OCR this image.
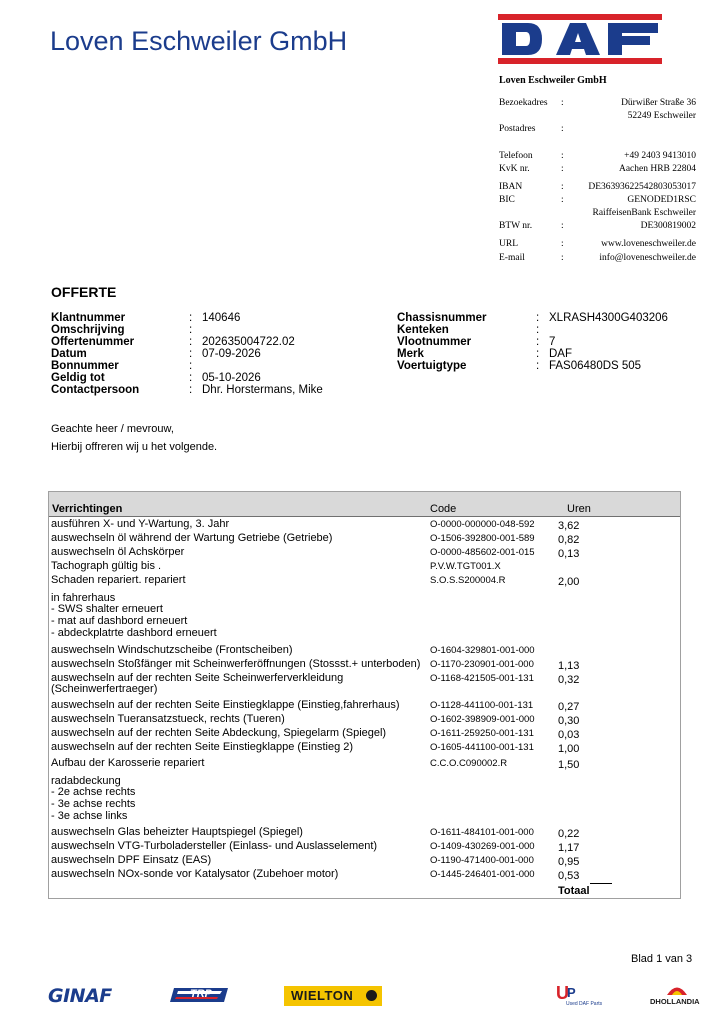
Loven Eschweiler GmbH
Loven Eschweiler GmbH
Bezoekadres :	Dürwißer Straße 36
52249 Eschweiler
Postadres	:
Telefoon	:	+49 2403 9413010
KvK nr.	:	Aachen HRB 22804
IBAN	:	DE36393622542803053017
BIC	:	GENODED1RSC
RaiffeisenBank Eschweiler
BTW nr.	:	DE300819002
URL	:	www.loveneschweiler.de
E-mail	:	info@loveneschweiler.de
OFFERTE
Klantnummer	: 140646
Omschrijving	:
Offertenummer	: 202635004722.02
Datum	: 07-09-2026
Bonnummer	:
Geldig tot	: 05-10-2026
Contactpersoon	: Dhr. Horstermans, Mike
Chassisnummer	: XLRASH4300G403206
Kenteken	:
Vlootnummer	: 7
Merk	: DAF
Voertuigtype	: FAS06480DS 505
Geachte heer / mevrouw,
Hierbij offreren wij u het volgende.
Verrichtingen	Code	Uren
ausführen X- und Y-Wartung, 3. Jahr	O-0000-000000-048-592 3,62
auswechseln öl während der Wartung Getriebe (Getriebe)	O-1506-392800-001-589 0,82
auswechseln öl Achskörper	O-0000-485602-001-015 0,13
Tachograph gültig bis .	P.V.W.TGT001.X
Schaden repariert. repariert	S.O.S.S200004.R	2,00
in fahrerhaus
- SWS shalter erneuert
- mat auf dashbord erneuert
- abdeckplatrte dashbord erneuert
auswechseln Windschutzscheibe (Frontscheiben)	O-1604-329801-001-000
auswechseln Stoßfänger mit Scheinwerferöffnungen (Stossst.+ unterboden) O-1170-230901-001-000 1,13
auswechseln auf der rechten Seite Scheinwerferverkleidung	O-1168-421505-001-131 0,32
(Scheinwerfertraeger)
auswechseln auf der rechten Seite Einstiegklappe (Einstieg,fahrerhaus)	O-1128-441100-001-131 0,27
auswechseln Tueransatzstueck, rechts (Tueren)	O-1602-398909-001-000 0,30
auswechseln auf der rechten Seite Abdeckung, Spiegelarm (Spiegel)	O-1611-259250-001-131 0,03
auswechseln auf der rechten Seite Einstiegklappe (Einstieg 2)	O-1605-441100-001-131 1,00
Aufbau der Karosserie repariert	C.C.O.C090002.R	1,50
radabdeckung
- 2e achse rechts
- 3e achse rechts
- 3e achse links
auswechseln Glas beheizter Hauptspiegel (Spiegel)	O-1611-484101-001-000 0,22
auswechseln VTG-Turboladersteller (Einlass- und Auslasselement)	O-1409-430269-001-000 1,17
auswechseln DPF Einsatz (EAS)	O-1190-471400-001-000 0,95
auswechseln NOx-sonde vor Katalysator (Zubehoer motor)	O-1445-246401-001-000 0,53
Totaal
Blad 1 van 3
GINAF	TRP	WIELTON	U
P
Used DAF Parts	DHOLLANDIA
